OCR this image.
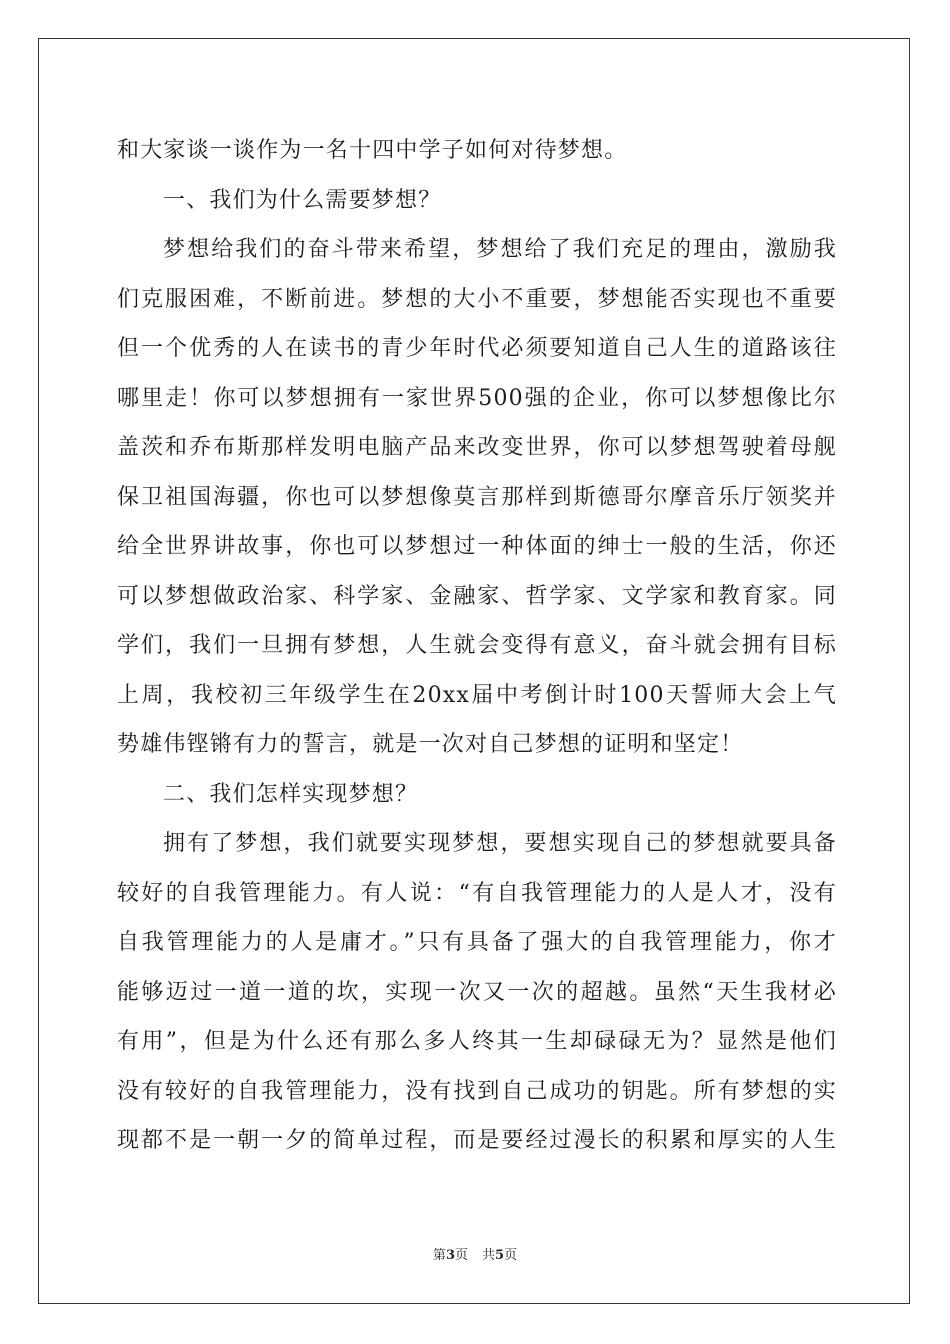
和大家谈一谈作为一名十四中学子如何对待梦想。
一、我们为什么需要梦想？
梦想给我们的奋斗带来希望，梦想给了我们充足的理由，激励我
们克服困难，不断前进。梦想的大小不重要，梦想能否实现也不重要
但一个优秀的人在读书的青少年时代必须要知道自己人生的道路该往
哪里走！你可以梦想拥有一家世界500强的企业，你可以梦想像比尔
盖茨和乔布斯那样发明电脑产品来改变世界，你可以梦想驾驶着母舰
保卫祖国海疆，你也可以梦想像莫言那样到斯德哥尔摩音乐厅领奖并
给全世界讲故事，你也可以梦想过一种体面的绅士一般的生活，你还
可以梦想做政治家、科学家、金融家、哲学家、文学家和教育家。同
学们，我们一旦拥有梦想，人生就会变得有意义，奋斗就会拥有目标
上周，我校初三年级学生在20xx届中考倒计时100天誓师大会上气
势雄伟铿锵有力的誓言，就是一次对自己梦想的证明和坚定！
二、我们怎样实现梦想？
拥有了梦想，我们就要实现梦想，要想实现自己的梦想就要具备
较好的自我管理能力。有人说：“有自我管理能力的人是人才，没有
自我管理能力的人是庸才。”只有具备了强大的自我管理能力，你才
能够迈过一道一道的坎，实现一次又一次的超越。虽然“天生我材必
有用”，但是为什么还有那么多人终其一生却碌碌无为？显然是他们
没有较好的自我管理能力，没有找到自己成功的钥匙。所有梦想的实
现都不是一朝一夕的简单过程，而是要经过漫长的积累和厚实的人生
第3页 共5页
